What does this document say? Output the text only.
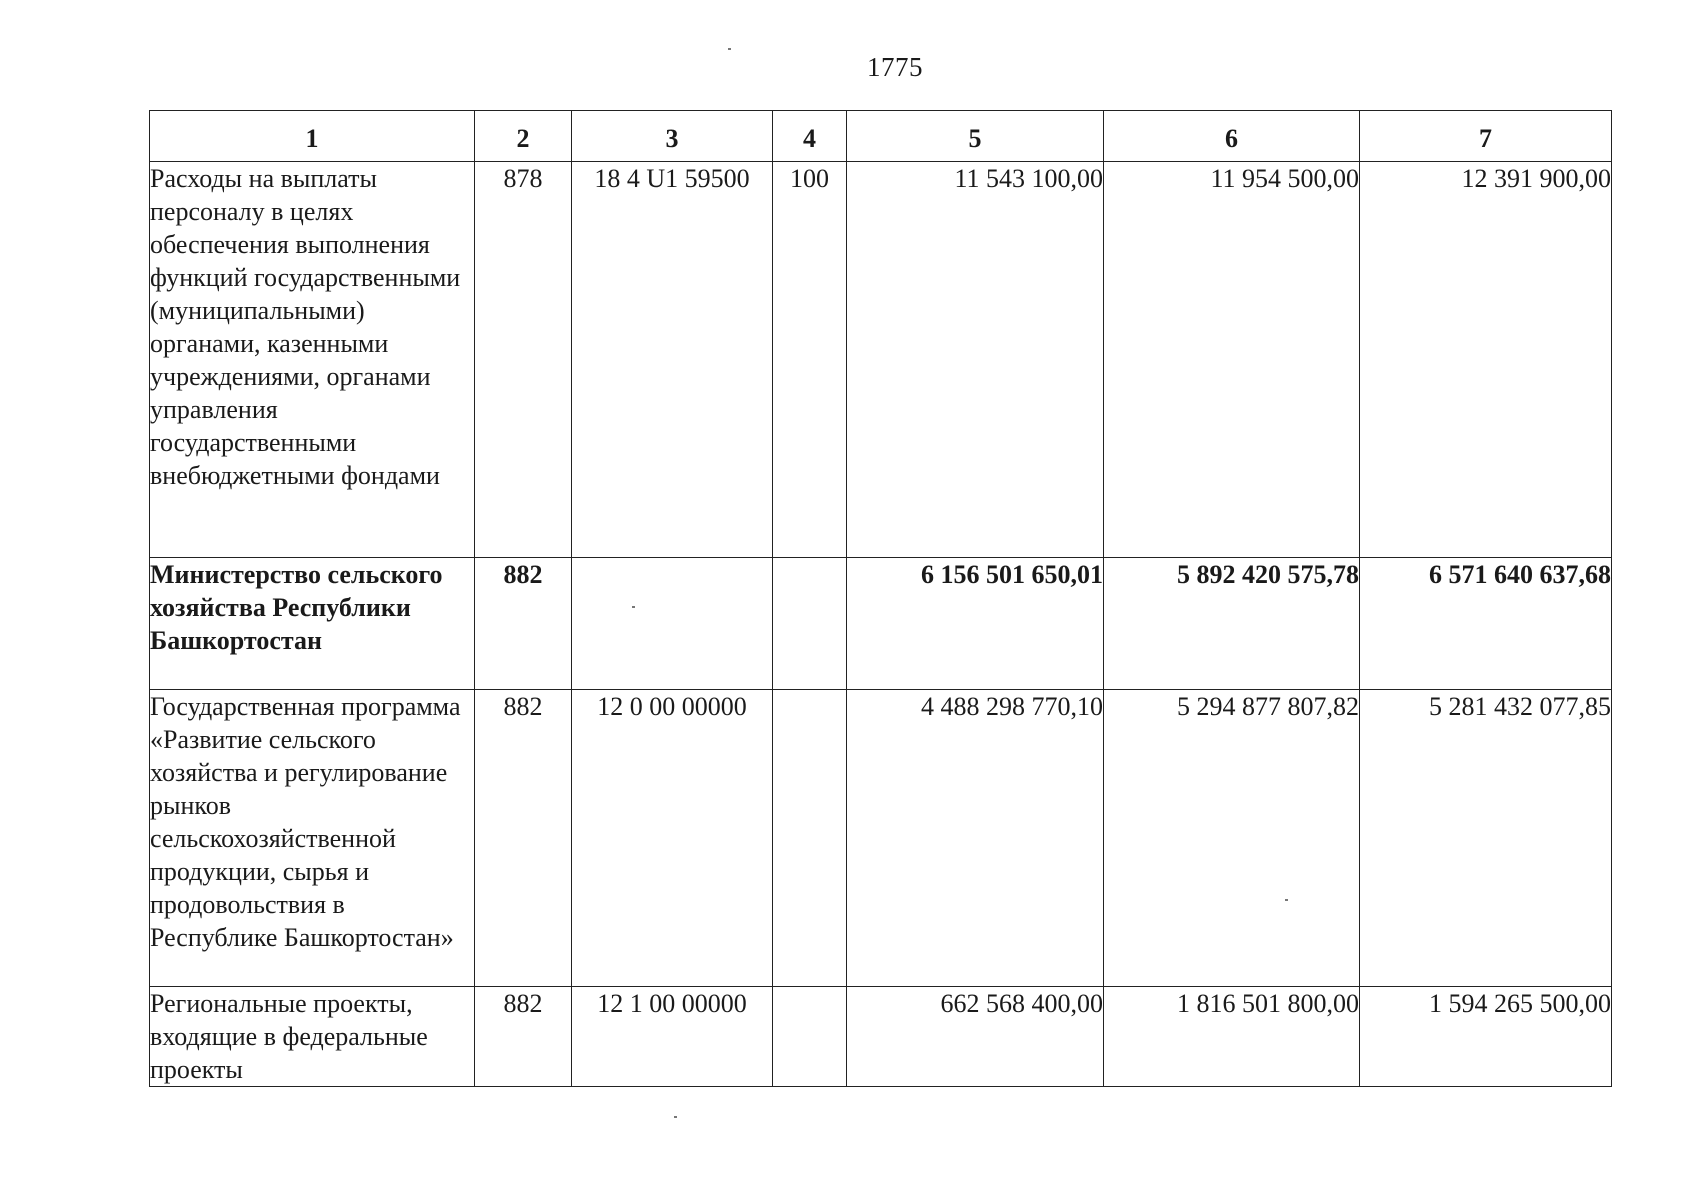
1775
1	2	3	4	5	6	7
Расходы на выплаты персоналу в целях обеспечения выполнения функций государственными (муниципальными) органами, казенными учреждениями, органами управления государственными внебюджетными фондами	878	18 4 U1 59500	100	11 543 100,00	11 954 500,00	12 391 900,00
Министерство сельского хозяйства Республики Башкортостан	882			6 156 501 650,01	5 892 420 575,78	6 571 640 637,68
Государственная программа «Развитие сельского хозяйства и регулирование рынков сельскохозяйственной продукции, сырья и продовольствия в Республике Башкортостан»	882	12 0 00 00000		4 488 298 770,10	5 294 877 807,82	5 281 432 077,85
Региональные проекты, входящие в федеральные проекты	882	12 1 00 00000		662 568 400,00	1 816 501 800,00	1 594 265 500,00
